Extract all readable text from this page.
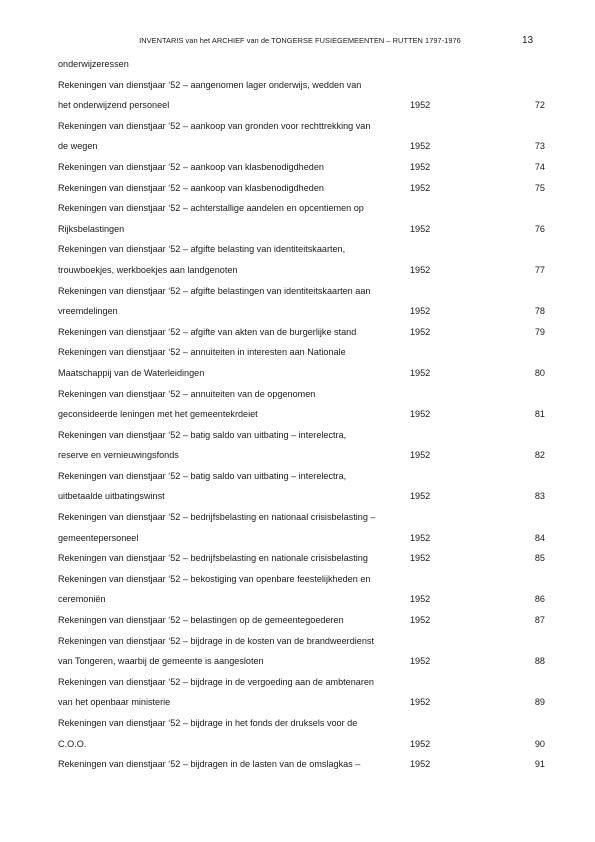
INVENTARIS van het ARCHIEF van de TONGERSE FUSIEGEMEENTEN – RUTTEN 1797-1976	13
onderwijzeressen
Rekeningen van dienstjaar ‘52 – aangenomen lager onderwijs, wedden van
het onderwijzend personeel	1952	72
Rekeningen van dienstjaar ‘52 – aankoop van gronden voor rechttrekking van
de wegen	1952	73
Rekeningen van dienstjaar ‘52 – aankoop van klasbenodigdheden	1952	74
Rekeningen van dienstjaar ‘52 – aankoop van klasbenodigdheden	1952	75
Rekeningen van dienstjaar ‘52 – achterstallige aandelen en opcentiemen op
Rijksbelastingen	1952	76
Rekeningen van dienstjaar ‘52 – afgifte belasting van identiteitskaarten,
trouwboekjes, werkboekjes aan landgenoten	1952	77
Rekeningen van dienstjaar ‘52 – afgifte belastingen van identiteitskaarten aan
vreemdelingen	1952	78
Rekeningen van dienstjaar ‘52 – afgifte van akten van de burgerlijke stand	1952	79
Rekeningen van dienstjaar ‘52 – annuiteiten in interesten aan Nationale
Maatschappij van de Waterleidingen	1952	80
Rekeningen van dienstjaar ‘52 – annuiteiten van de opgenomen
geconsideerde leningen met het gemeentekrdeiet	1952	81
Rekeningen van dienstjaar ‘52 – batig saldo van uitbating – interelectra,
reserve en vernieuwingsfonds	1952	82
Rekeningen van dienstjaar ‘52 – batig saldo van uitbating – interelectra,
uitbetaalde uitbatingswinst	1952	83
Rekeningen van dienstjaar ‘52 – bedrijfsbelasting en nationaal crisisbelasting –
gemeentepersoneel	1952	84
Rekeningen van dienstjaar ‘52 – bedrijfsbelasting en nationale crisisbelasting	1952	85
Rekeningen van dienstjaar ‘52 – bekostiging van openbare feestelijkheden en
ceremoniën	1952	86
Rekeningen van dienstjaar ‘52 – belastingen op de gemeentegoederen	1952	87
Rekeningen van dienstjaar ‘52 – bijdrage in de kosten van de brandweerdienst
van Tongeren, waarbij de gemeente is aangesloten	1952	88
Rekeningen van dienstjaar ‘52 – bijdrage in de vergoeding aan de ambtenaren
van het openbaar ministerie	1952	89
Rekeningen van dienstjaar ‘52 – bijdrage in het fonds der druksels voor de
C.O.O.	1952	90
Rekeningen van dienstjaar ‘52 – bijdragen in de lasten van de omslagkas –	1952	91
